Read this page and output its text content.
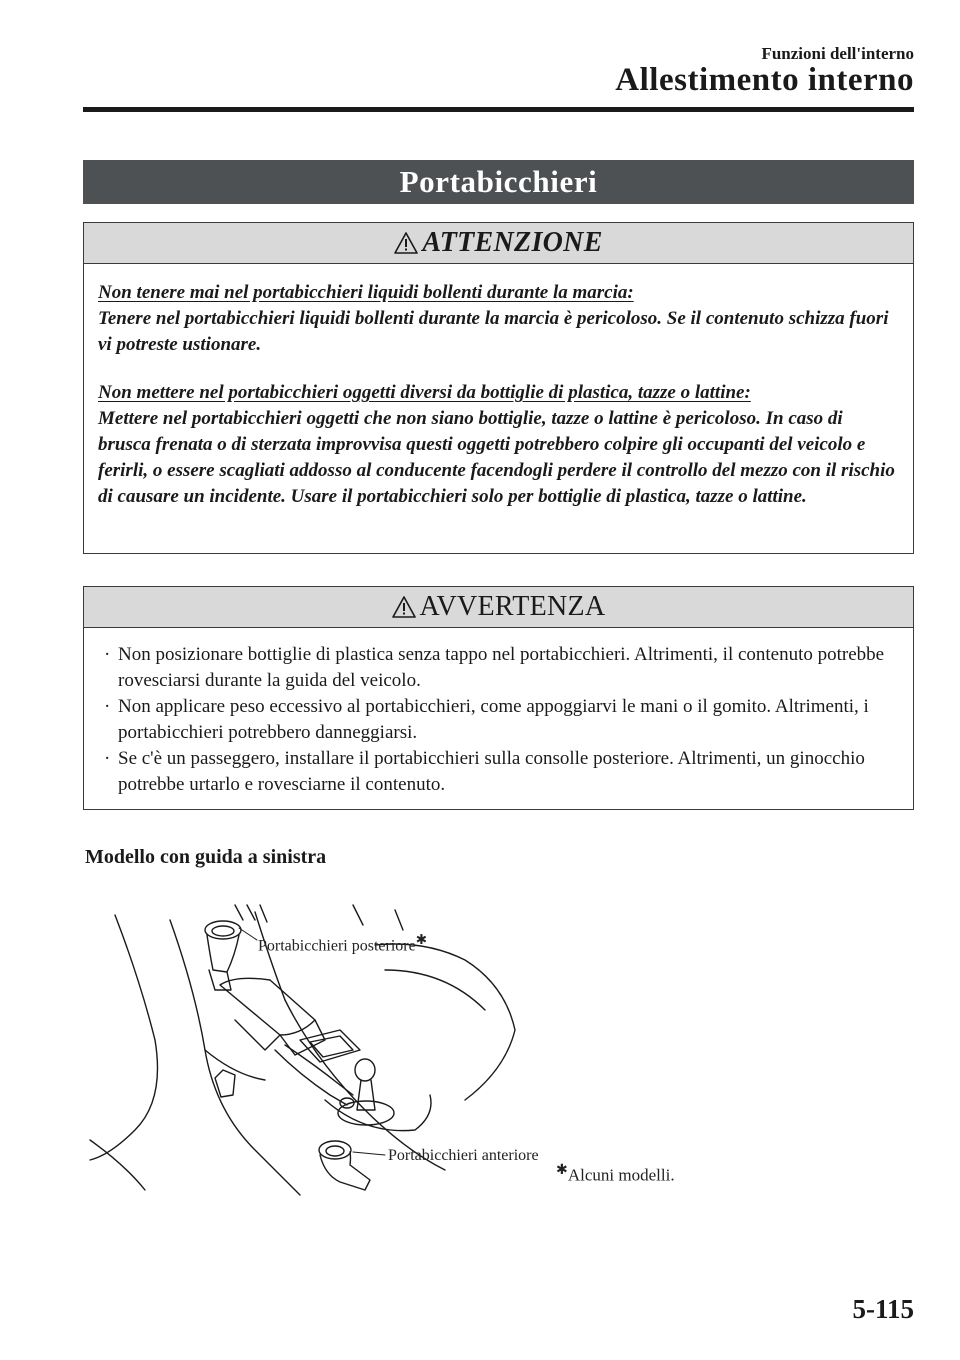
Funzioni dell'interno
Allestimento interno
Portabicchieri
ATTENZIONE
Non tenere mai nel portabicchieri liquidi bollenti durante la marcia:
Tenere nel portabicchieri liquidi bollenti durante la marcia è pericoloso. Se il contenuto schizza fuori vi potreste ustionare.
Non mettere nel portabicchieri oggetti diversi da bottiglie di plastica, tazze o lattine:
Mettere nel portabicchieri oggetti che non siano bottiglie, tazze o lattine è pericoloso. In caso di brusca frenata o di sterzata improvvisa questi oggetti potrebbero colpire gli occupanti del veicolo e ferirli, o essere scagliati addosso al conducente facendogli perdere il controllo del mezzo con il rischio di causare un incidente. Usare il portabicchieri solo per bottiglie di plastica, tazze o lattine.
AVVERTENZA
· Non posizionare bottiglie di plastica senza tappo nel portabicchieri. Altrimenti, il contenuto potrebbe rovesciarsi durante la guida del veicolo.
· Non applicare peso eccessivo al portabicchieri, come appoggiarvi le mani o il gomito. Altrimenti, i portabicchieri potrebbero danneggiarsi.
· Se c'è un passeggero, installare il portabicchieri sulla consolle posteriore. Altrimenti, un ginocchio potrebbe urtarlo e rovesciarne il contenuto.
Modello con guida a sinistra
Portabicchieri posteriore✱
Portabicchieri anteriore
✱Alcuni modelli.
5-115
